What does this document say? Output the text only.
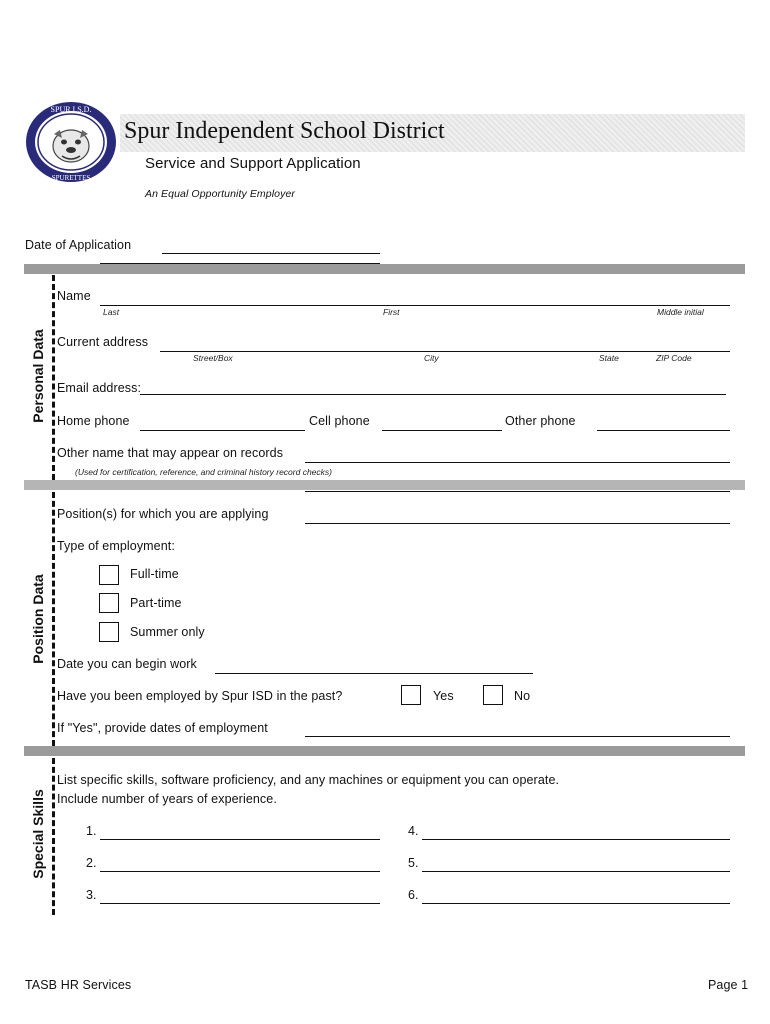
SPUR I.S.D.
SPURETTES
Spur Independent School District
Service and Support Application
An Equal Opportunity Employer
Date of Application
Personal Data
Name
Last	First	Middle initial
Current address
Street/Box	City	State	ZIP Code
Email address:
Home phone	Cell phone	Other phone
Other name that may appear on records
(Used for certification, reference, and criminal history record checks)
Position Data
Position(s) for which you are applying
Type of employment:
Full-time
Part-time
Summer only
Date you can begin work
Have you been employed by Spur ISD in the past?	Yes	No
If "Yes", provide dates of employment
Special Skills
List specific skills, software proficiency, and any machines or equipment you can operate.
Include number of years of experience.
1.
2.
3.
4.
5.
6.
TASB HR Services	Page 1
